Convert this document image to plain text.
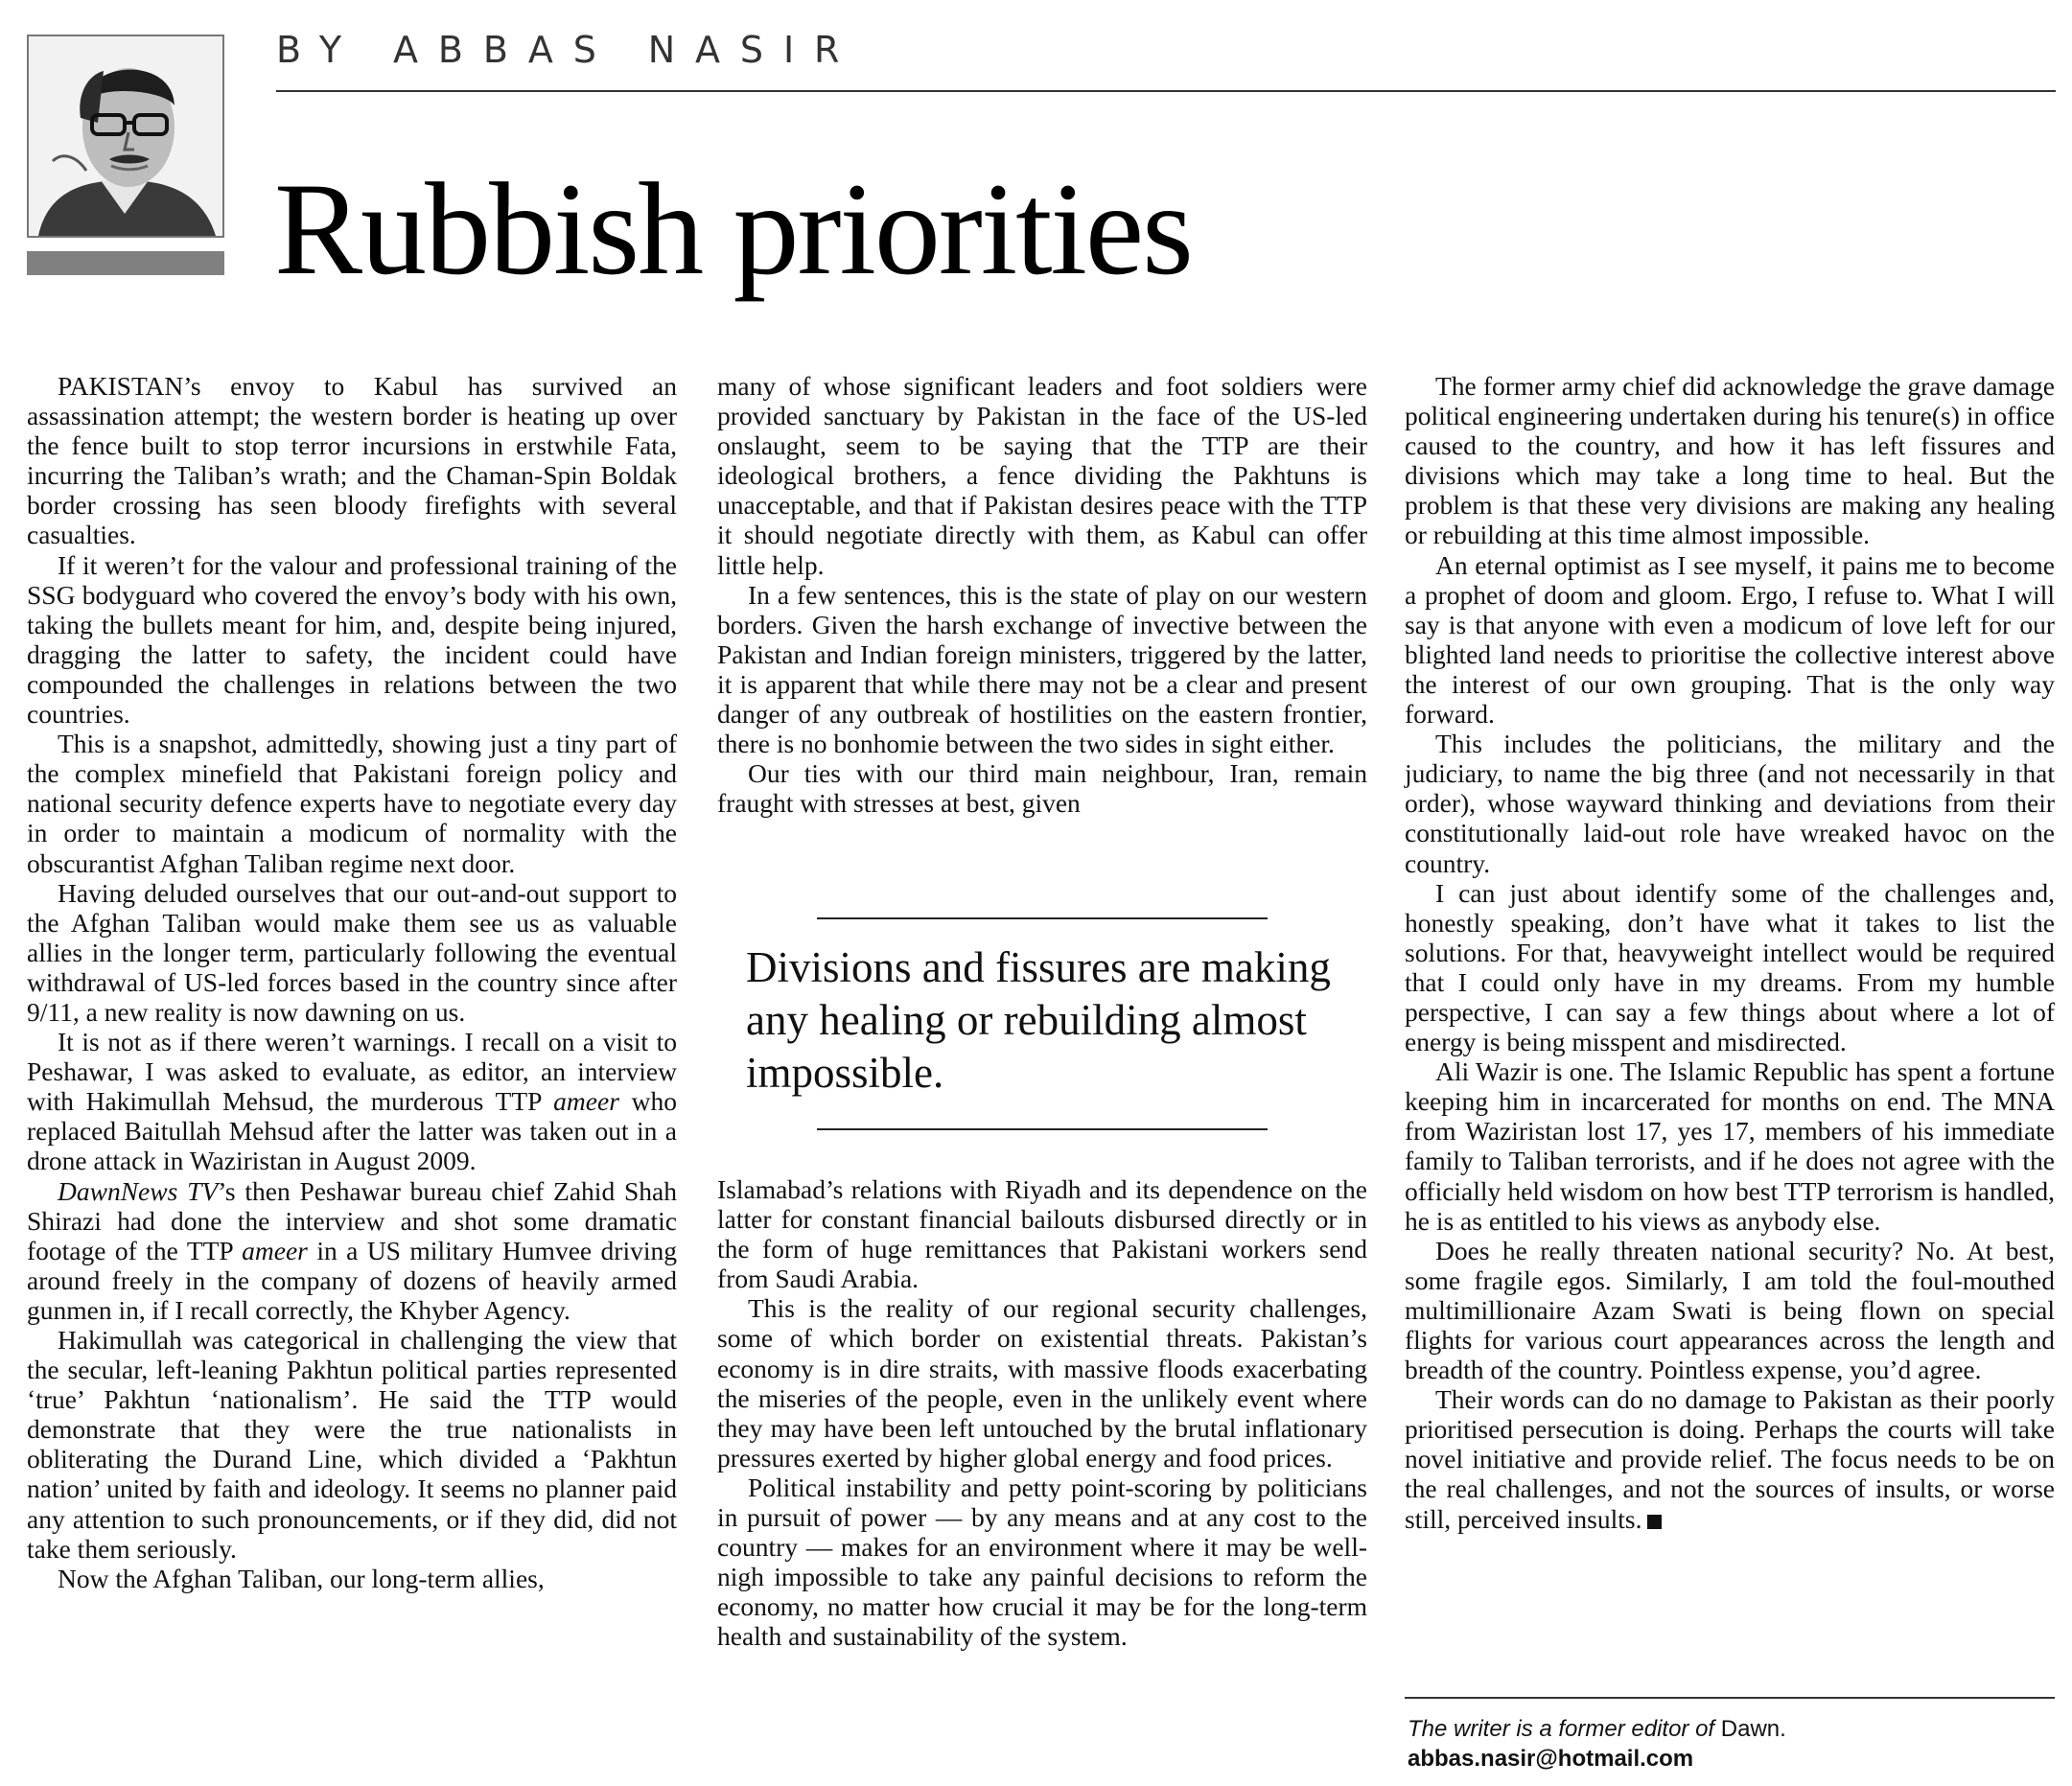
BY ABBAS NASIR
Rubbish priorities

PAKISTAN’s envoy to Kabul has survived an assassination attempt; the western border is heating up over the fence built to stop terror incursions in erstwhile Fata, incurring the Taliban’s wrath; and the Chaman-Spin Boldak border crossing has seen bloody firefights with several casualties.

If it weren’t for the valour and professional training of the SSG bodyguard who covered the envoy’s body with his own, taking the bullets meant for him, and, despite being injured, dragging the latter to safety, the incident could have compounded the challenges in relations between the two countries.

This is a snapshot, admittedly, showing just a tiny part of the complex minefield that Pakistani foreign policy and national security defence experts have to negotiate every day in order to maintain a modicum of normality with the obscurantist Afghan Taliban regime next door.

Having deluded ourselves that our out-and-out support to the Afghan Taliban would make them see us as valuable allies in the longer term, particularly following the eventual withdrawal of US-led forces based in the country since after 9/11, a new reality is now dawning on us.

It is not as if there weren’t warnings. I recall on a visit to Peshawar, I was asked to evaluate, as editor, an interview with Hakimullah Mehsud, the murderous TTP ameer who replaced Baitullah Mehsud after the latter was taken out in a drone attack in Waziristan in August 2009.

DawnNews TV’s then Peshawar bureau chief Zahid Shah Shirazi had done the interview and shot some dramatic footage of the TTP ameer in a US military Humvee driving around freely in the company of dozens of heavily armed gunmen in, if I recall correctly, the Khyber Agency.

Hakimullah was categorical in challenging the view that the secular, left-leaning Pakhtun political parties represented ‘true’ Pakhtun ‘nationalism’. He said the TTP would demonstrate that they were the true nationalists in obliterating the Durand Line, which divided a ‘Pakhtun nation’ united by faith and ideology. It seems no planner paid any attention to such pronouncements, or if they did, did not take them seriously.

Now the Afghan Taliban, our long-term allies,

many of whose significant leaders and foot soldiers were provided sanctuary by Pakistan in the face of the US-led onslaught, seem to be saying that the TTP are their ideological brothers, a fence dividing the Pakhtuns is unacceptable, and that if Pakistan desires peace with the TTP it should negotiate directly with them, as Kabul can offer little help.

In a few sentences, this is the state of play on our western borders. Given the harsh exchange of invective between the Pakistan and Indian foreign ministers, triggered by the latter, it is apparent that while there may not be a clear and present danger of any outbreak of hostilities on the eastern frontier, there is no bonhomie between the two sides in sight either.

Our ties with our third main neighbour, Iran, remain fraught with stresses at best, given

Divisions and fissures are making any healing or rebuilding almost impossible.

Islamabad’s relations with Riyadh and its dependence on the latter for constant financial bailouts disbursed directly or in the form of huge remittances that Pakistani workers send from Saudi Arabia.

This is the reality of our regional security challenges, some of which border on existential threats. Pakistan’s economy is in dire straits, with massive floods exacerbating the miseries of the people, even in the unlikely event where they may have been left untouched by the brutal inflationary pressures exerted by higher global energy and food prices.

Political instability and petty point-scoring by politicians in pursuit of power — by any means and at any cost to the country — makes for an environment where it may be well-nigh impossible to take any painful decisions to reform the economy, no matter how crucial it may be for the long-term health and sustainability of the system.

The former army chief did acknowledge the grave damage political engineering undertaken during his tenure(s) in office caused to the country, and how it has left fissures and divisions which may take a long time to heal. But the problem is that these very divisions are making any healing or rebuilding at this time almost impossible.

An eternal optimist as I see myself, it pains me to become a prophet of doom and gloom. Ergo, I refuse to. What I will say is that anyone with even a modicum of love left for our blighted land needs to prioritise the collective interest above the interest of our own grouping. That is the only way forward.

This includes the politicians, the military and the judiciary, to name the big three (and not necessarily in that order), whose wayward thinking and deviations from their constitutionally laid-out role have wreaked havoc on the country.

I can just about identify some of the challenges and, honestly speaking, don’t have what it takes to list the solutions. For that, heavyweight intellect would be required that I could only have in my dreams. From my humble perspective, I can say a few things about where a lot of energy is being misspent and misdirected.

Ali Wazir is one. The Islamic Republic has spent a fortune keeping him in incarcerated for months on end. The MNA from Waziristan lost 17, yes 17, members of his immediate family to Taliban terrorists, and if he does not agree with the officially held wisdom on how best TTP terrorism is handled, he is as entitled to his views as anybody else.

Does he really threaten national security? No. At best, some fragile egos. Similarly, I am told the foul-mouthed multimillionaire Azam Swati is being flown on special flights for various court appearances across the length and breadth of the country. Pointless expense, you’d agree.

Their words can do no damage to Pakistan as their poorly prioritised persecution is doing. Perhaps the courts will take novel initiative and provide relief. The focus needs to be on the real challenges, and not the sources of insults, or worse still, perceived insults.

The writer is a former editor of Dawn.
abbas.nasir@hotmail.com
